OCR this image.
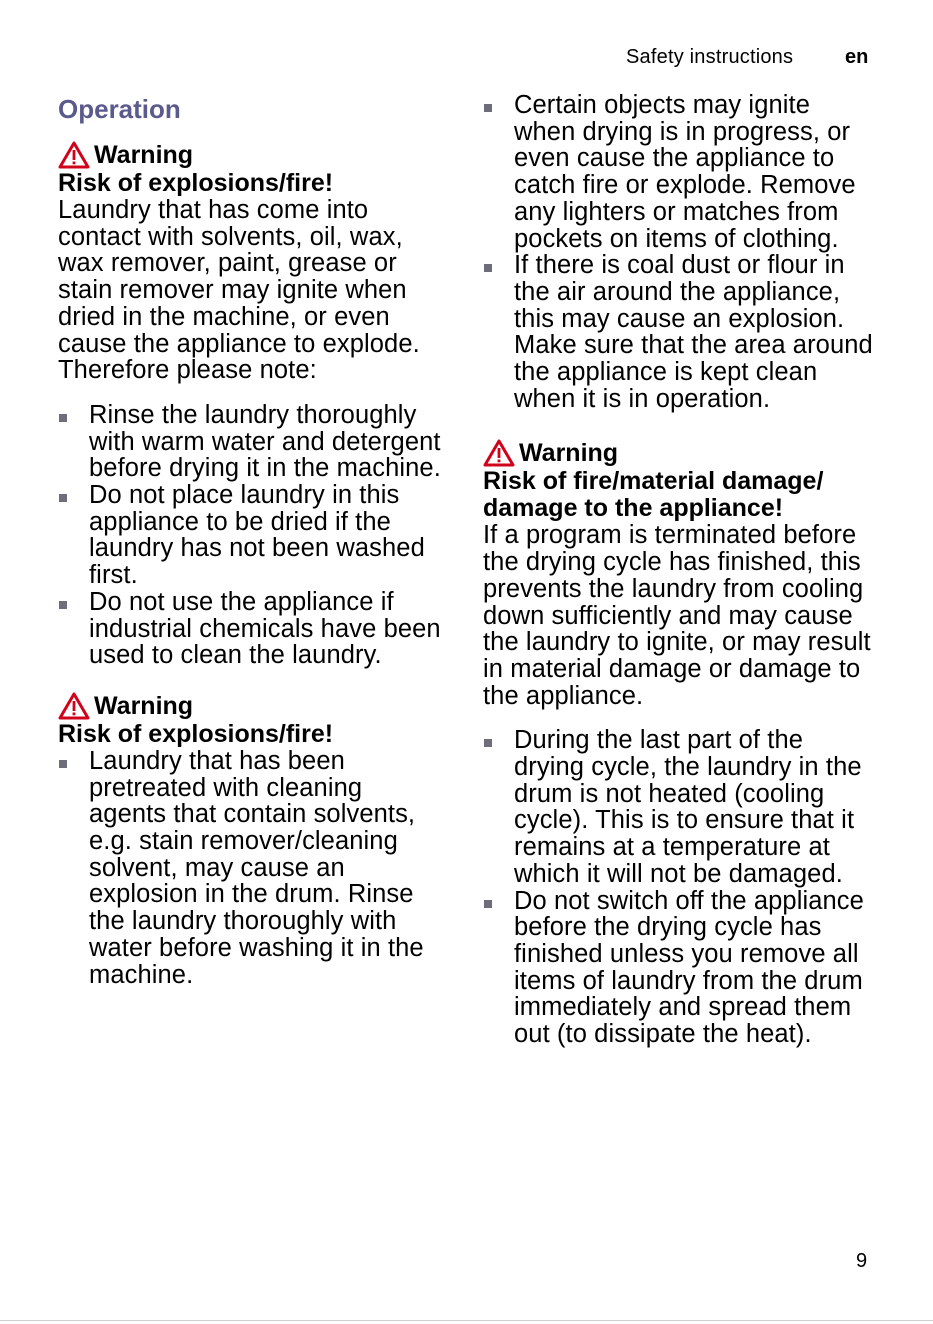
Safety instructions	en
Operation
Warning

Risk of explosions/fire!

Laundry that has come into contact with solvents, oil, wax, wax remover, paint, grease or stain remover may ignite when dried in the machine, or even cause the appliance to explode. Therefore please note:

Rinse the laundry thoroughly with warm water and detergent before drying it in the machine.
Do not place laundry in this appliance to be dried if the laundry has not been washed first.
Do not use the appliance if industrial chemicals have been used to clean the laundry.
Warning

Risk of explosions/fire!

Laundry that has been pretreated with cleaning agents that contain solvents, e.g. stain remover/cleaning solvent, may cause an explosion in the drum. Rinse the laundry thoroughly with water before washing it in the machine.
Certain objects may ignite when drying is in progress, or even cause the appliance to catch fire or explode. Remove any lighters or matches from pockets on items of clothing.
If there is coal dust or flour in the air around the appliance, this may cause an explosion. Make sure that the area around the appliance is kept clean when it is in operation.
Warning

Risk of fire/material damage/ damage to the appliance!

If a program is terminated before the drying cycle has finished, this prevents the laundry from cooling down sufficiently and may cause the laundry to ignite, or may result in material damage or damage to the appliance.

During the last part of the drying cycle, the laundry in the drum is not heated (cooling cycle). This is to ensure that it remains at a temperature at which it will not be damaged.
Do not switch off the appliance before the drying cycle has finished unless you remove all items of laundry from the drum immediately and spread them out (to dissipate the heat).
9
